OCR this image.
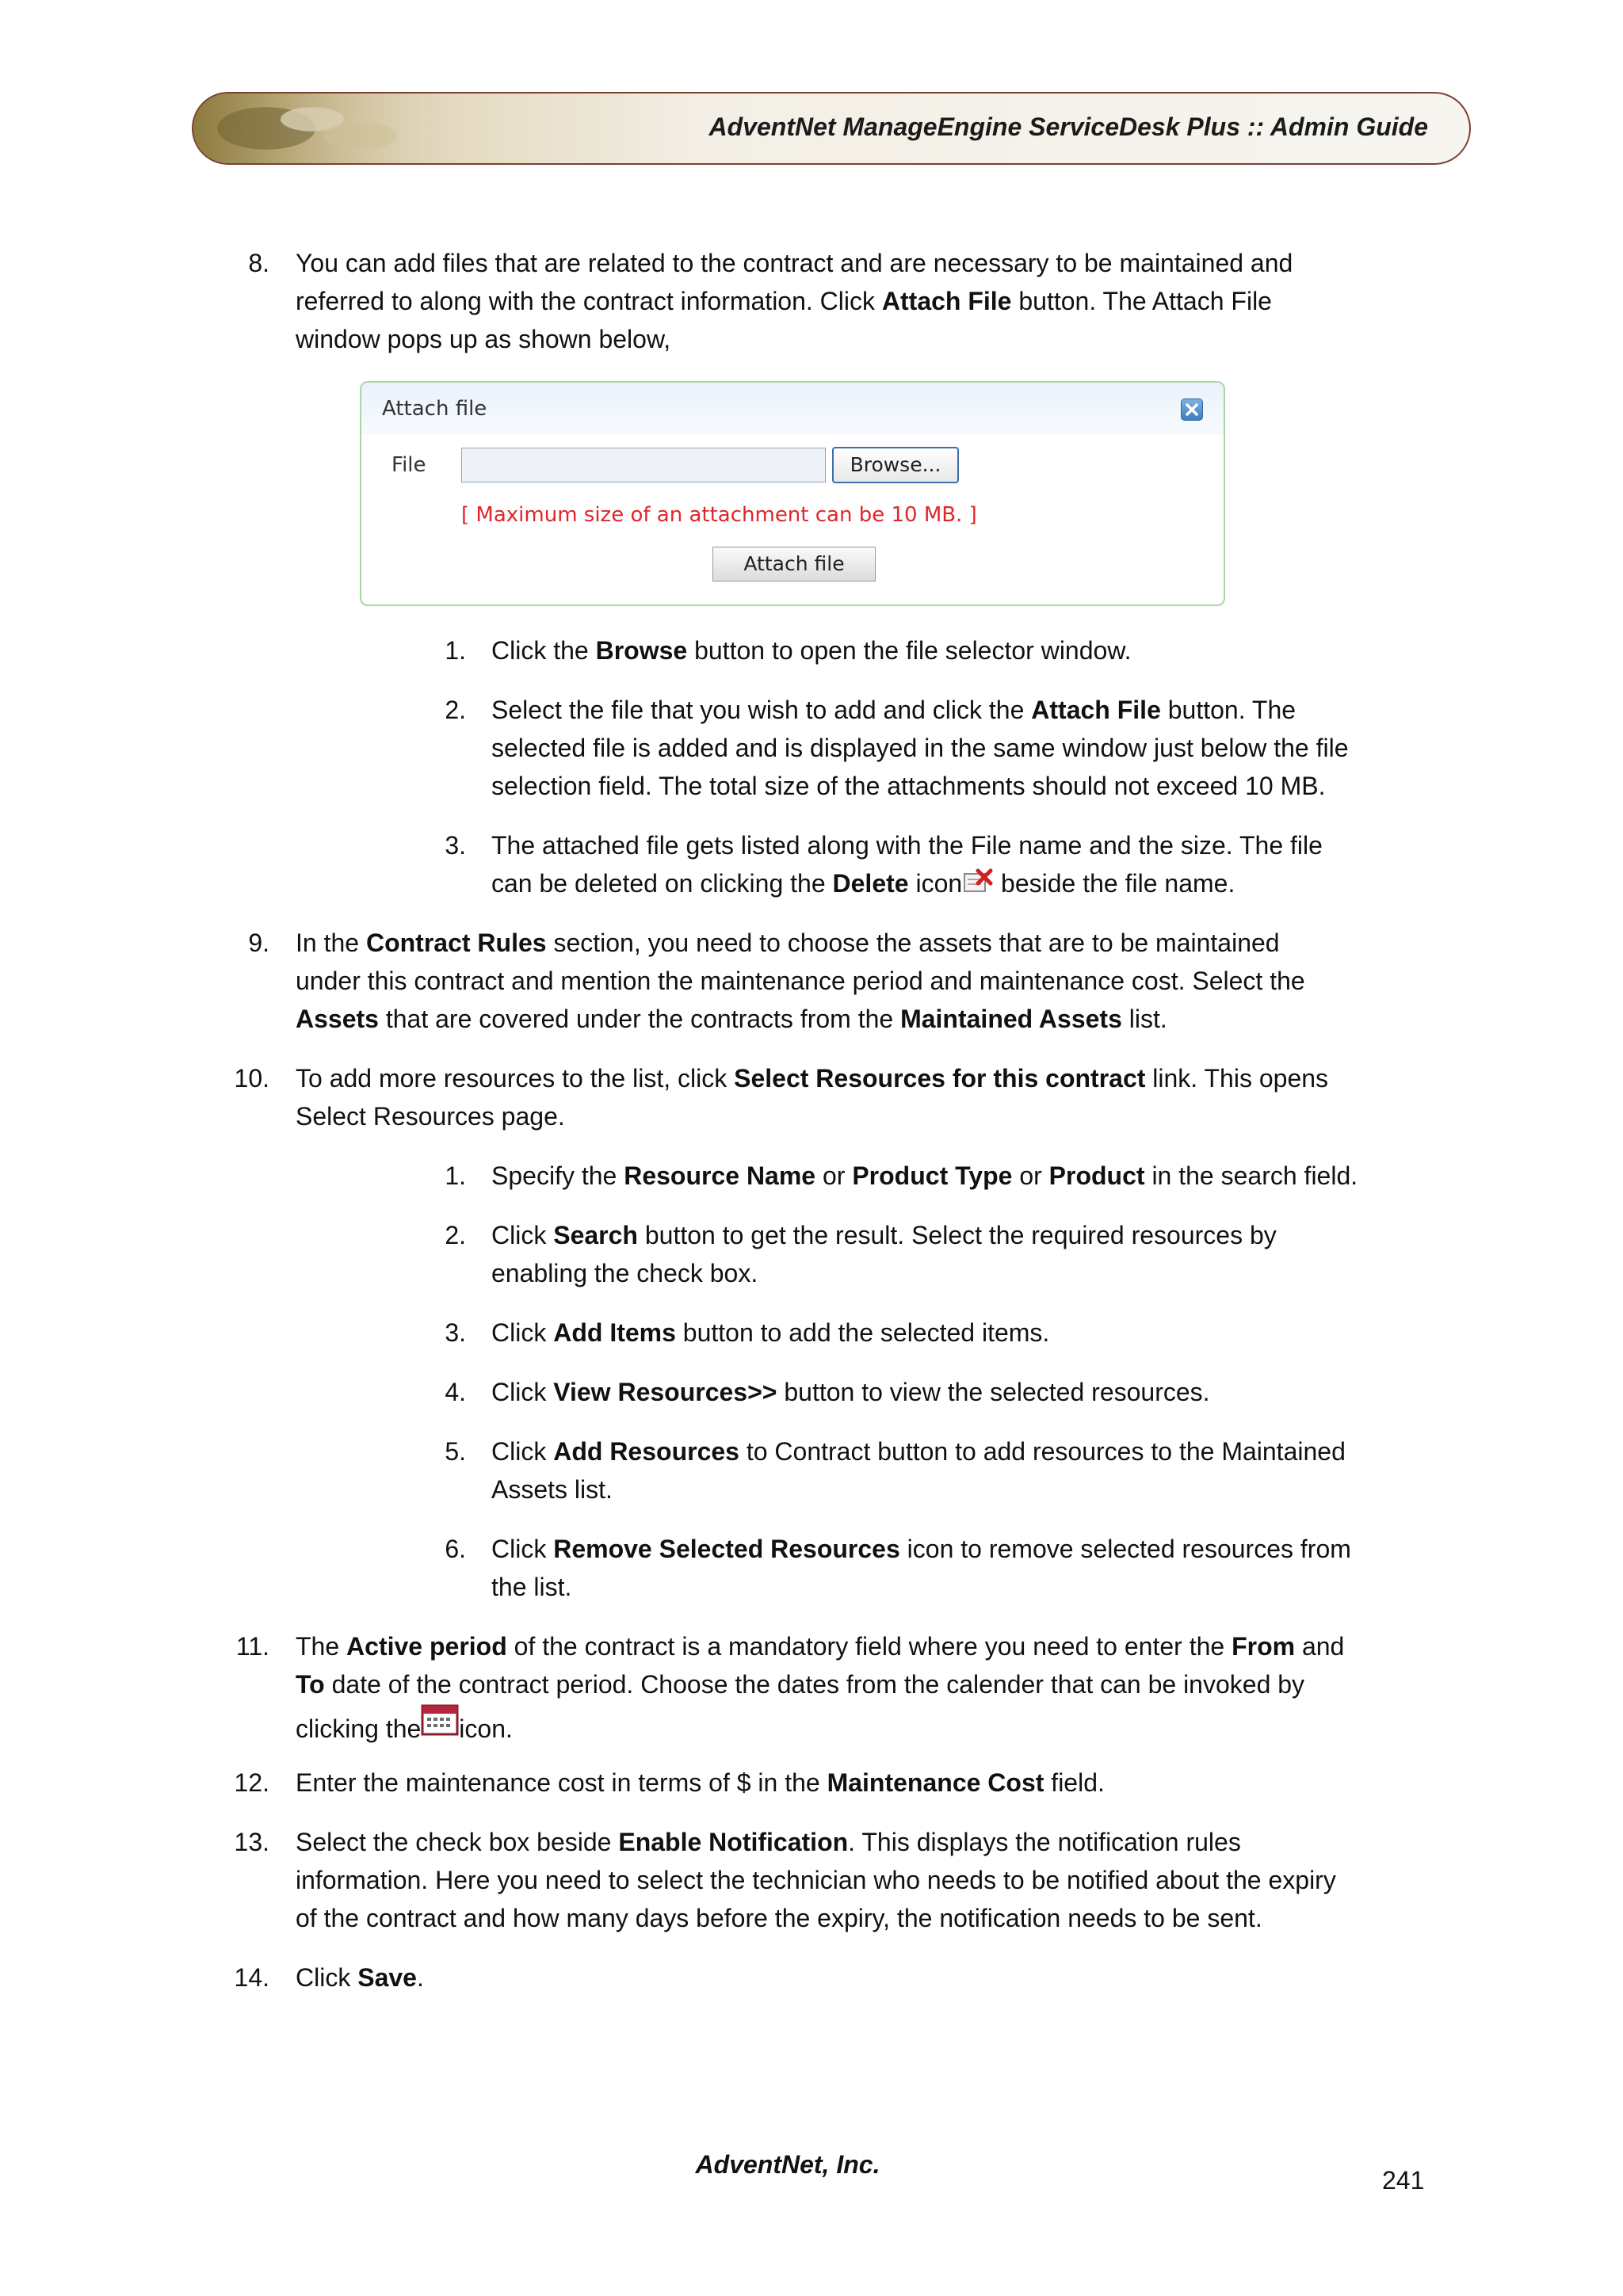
AdventNet ManageEngine ServiceDesk Plus :: Admin Guide
8. You can add files that are related to the contract and are necessary to be maintained and
referred to along with the contract information. Click Attach File button. The Attach File
window pops up as shown below,
Attach file
File	Browse...
[ Maximum size of an attachment can be 10 MB. ]
Attach file
1. Click the Browse button to open the file selector window.
2. Select the file that you wish to add and click the Attach File button. The
selected file is added and is displayed in the same window just below the file
selection field. The total size of the attachments should not exceed 10 MB.
3. The attached file gets listed along with the File name and the size. The file
can be deleted on clicking the Delete icon beside the file name.
9. In the Contract Rules section, you need to choose the assets that are to be maintained
under this contract and mention the maintenance period and maintenance cost. Select the
Assets that are covered under the contracts from the Maintained Assets list.
10. To add more resources to the list, click Select Resources for this contract link. This opens
Select Resources page.
1. Specify the Resource Name or Product Type or Product in the search field.
2. Click Search button to get the result. Select the required resources by
enabling the check box.
3. Click Add Items button to add the selected items.
4. Click View Resources>> button to view the selected resources.
5. Click Add Resources to Contract button to add resources to the Maintained
Assets list.
6. Click Remove Selected Resources icon to remove selected resources from
the list.
11. The Active period of the contract is a mandatory field where you need to enter the From and
To date of the contract period. Choose the dates from the calender that can be invoked by
clicking the icon.
12. Enter the maintenance cost in terms of $ in the Maintenance Cost field.
13. Select the check box beside Enable Notification. This displays the notification rules
information. Here you need to select the technician who needs to be notified about the expiry
of the contract and how many days before the expiry, the notification needs to be sent.
14. Click Save.
AdventNet, Inc.
241
